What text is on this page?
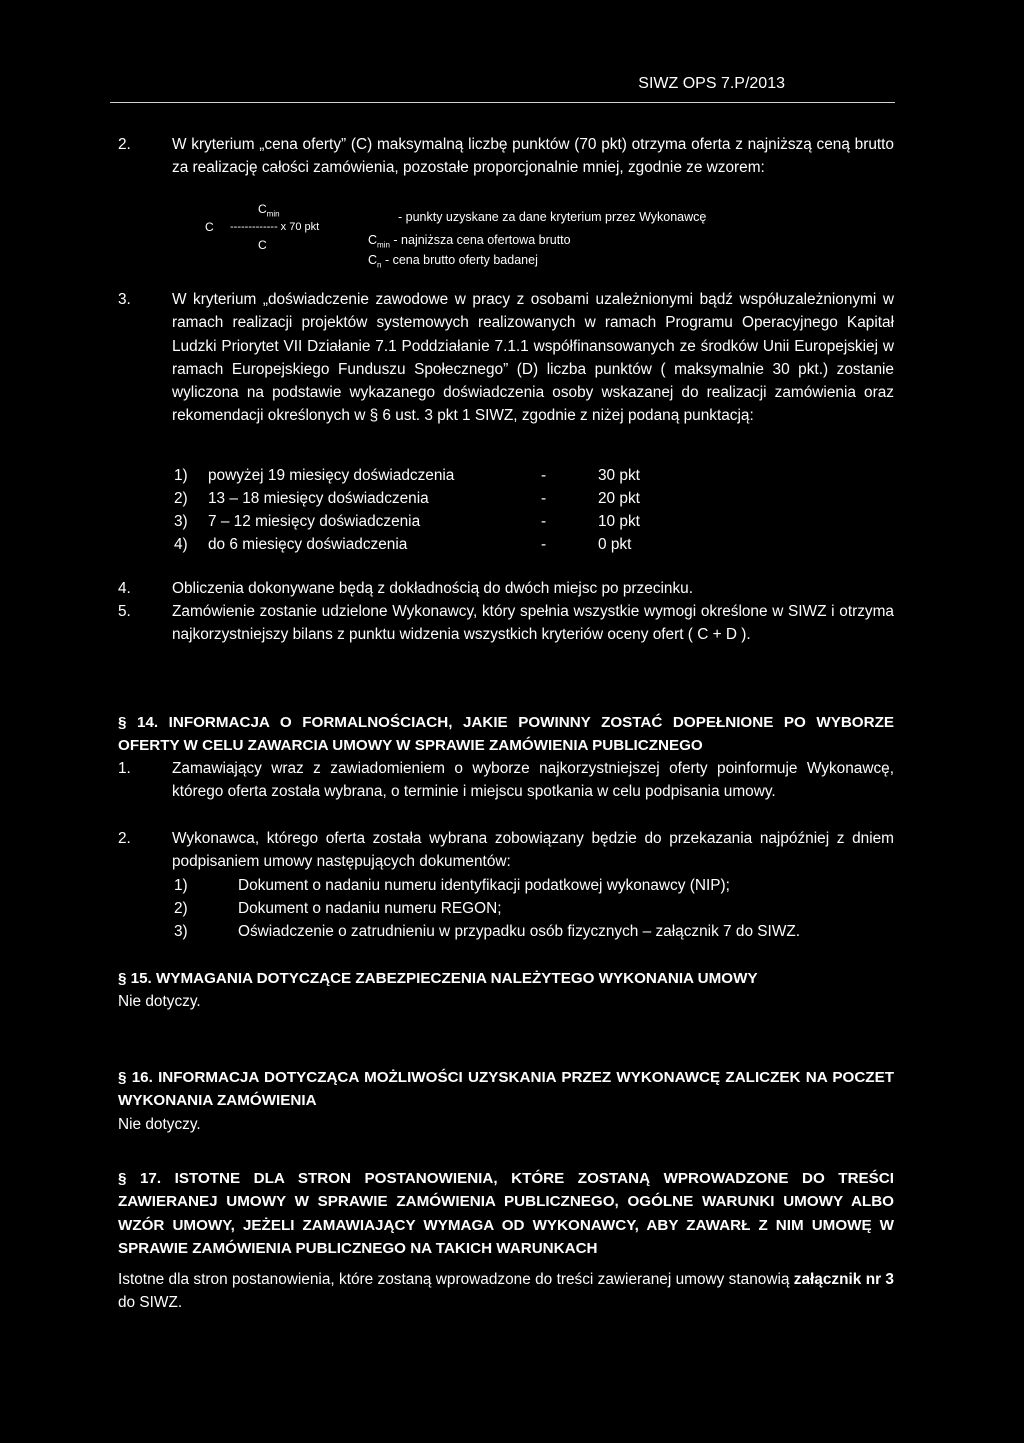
SIWZ OPS 7.P/2013
2.	W kryterium „cena oferty” (C) maksymalną liczbę punktów (70 pkt) otrzyma oferta z najniższą ceną brutto za realizację całości zamówienia, pozostałe proporcjonalnie mniej, zgodnie ze wzorem:
$C_{min}$
C ------------- x 70 pkt
C
- punkty uzyskane za dane kryterium przez Wykonawcę
$C_{min}$ - najniższa cena ofertowa brutto
$C_n$ - cena brutto oferty badanej
3.	W kryterium „doświadczenie zawodowe w pracy z osobami uzależnionymi bądź współuzależnionymi w ramach realizacji projektów systemowych realizowanych w ramach Programu Operacyjnego Kapitał Ludzki Priorytet VII Działanie 7.1 Poddziałanie 7.1.1 współfinansowanych ze środków Unii Europejskiej w ramach Europejskiego Funduszu Społecznego” (D) liczba punktów ( maksymalnie 30 pkt.) zostanie wyliczona na podstawie wykazanego doświadczenia osoby wskazanej do realizacji zamówienia oraz rekomendacji określonych w § 6 ust. 3 pkt 1 SIWZ, zgodnie z niżej podaną punktacją:
1) powyżej 19 miesięcy doświadczenia	-	30 pkt
2) 13 – 18 miesięcy doświadczenia	-	20 pkt
3) 7 – 12 miesięcy doświadczenia	-	10 pkt
4) do 6 miesięcy doświadczenia	-	0 pkt
4.	Obliczenia dokonywane będą z dokładnością do dwóch miejsc po przecinku.
5.	Zamówienie zostanie udzielone Wykonawcy, który spełnia wszystkie wymogi określone w SIWZ i otrzyma najkorzystniejszy bilans z punktu widzenia wszystkich kryteriów oceny ofert ( C + D ).
§ 14. INFORMACJA O FORMALNOŚCIACH, JAKIE POWINNY ZOSTAĆ DOPEŁNIONE PO WYBORZE OFERTY W CELU ZAWARCIA UMOWY W SPRAWIE ZAMÓWIENIA PUBLICZNEGO
1.	Zamawiający wraz z zawiadomieniem o wyborze najkorzystniejszej oferty poinformuje Wykonawcę, którego oferta została wybrana, o terminie i miejscu spotkania w celu podpisania umowy.
2.	Wykonawca, którego oferta została wybrana zobowiązany będzie do przekazania najpóźniej z dniem podpisaniem umowy następujących dokumentów:
1)	Dokument o nadaniu numeru identyfikacji podatkowej wykonawcy (NIP);
2)	Dokument o nadaniu numeru REGON;
3)	Oświadczenie o zatrudnieniu w przypadku osób fizycznych – załącznik 7 do SIWZ.
§ 15. WYMAGANIA DOTYCZĄCE ZABEZPIECZENIA NALEŻYTEGO WYKONANIA UMOWY
Nie dotyczy.
§ 16. INFORMACJA DOTYCZĄCA MOŻLIWOŚCI UZYSKANIA PRZEZ WYKONAWCĘ ZALICZEK NA POCZET WYKONANIA ZAMÓWIENIA
Nie dotyczy.
§ 17. ISTOTNE DLA STRON POSTANOWIENIA, KTÓRE ZOSTANĄ WPROWADZONE DO TREŚCI ZAWIERANEJ UMOWY W SPRAWIE ZAMÓWIENIA PUBLICZNEGO, OGÓLNE WARUNKI UMOWY ALBO WZÓR UMOWY, JEŻELI ZAMAWIAJĄCY WYMAGA OD WYKONAWCY, ABY ZAWARŁ Z NIM UMOWĘ W SPRAWIE ZAMÓWIENIA PUBLICZNEGO NA TAKICH WARUNKACH
Istotne dla stron postanowienia, które zostaną wprowadzone do treści zawieranej umowy stanowią załącznik nr 3 do SIWZ.
